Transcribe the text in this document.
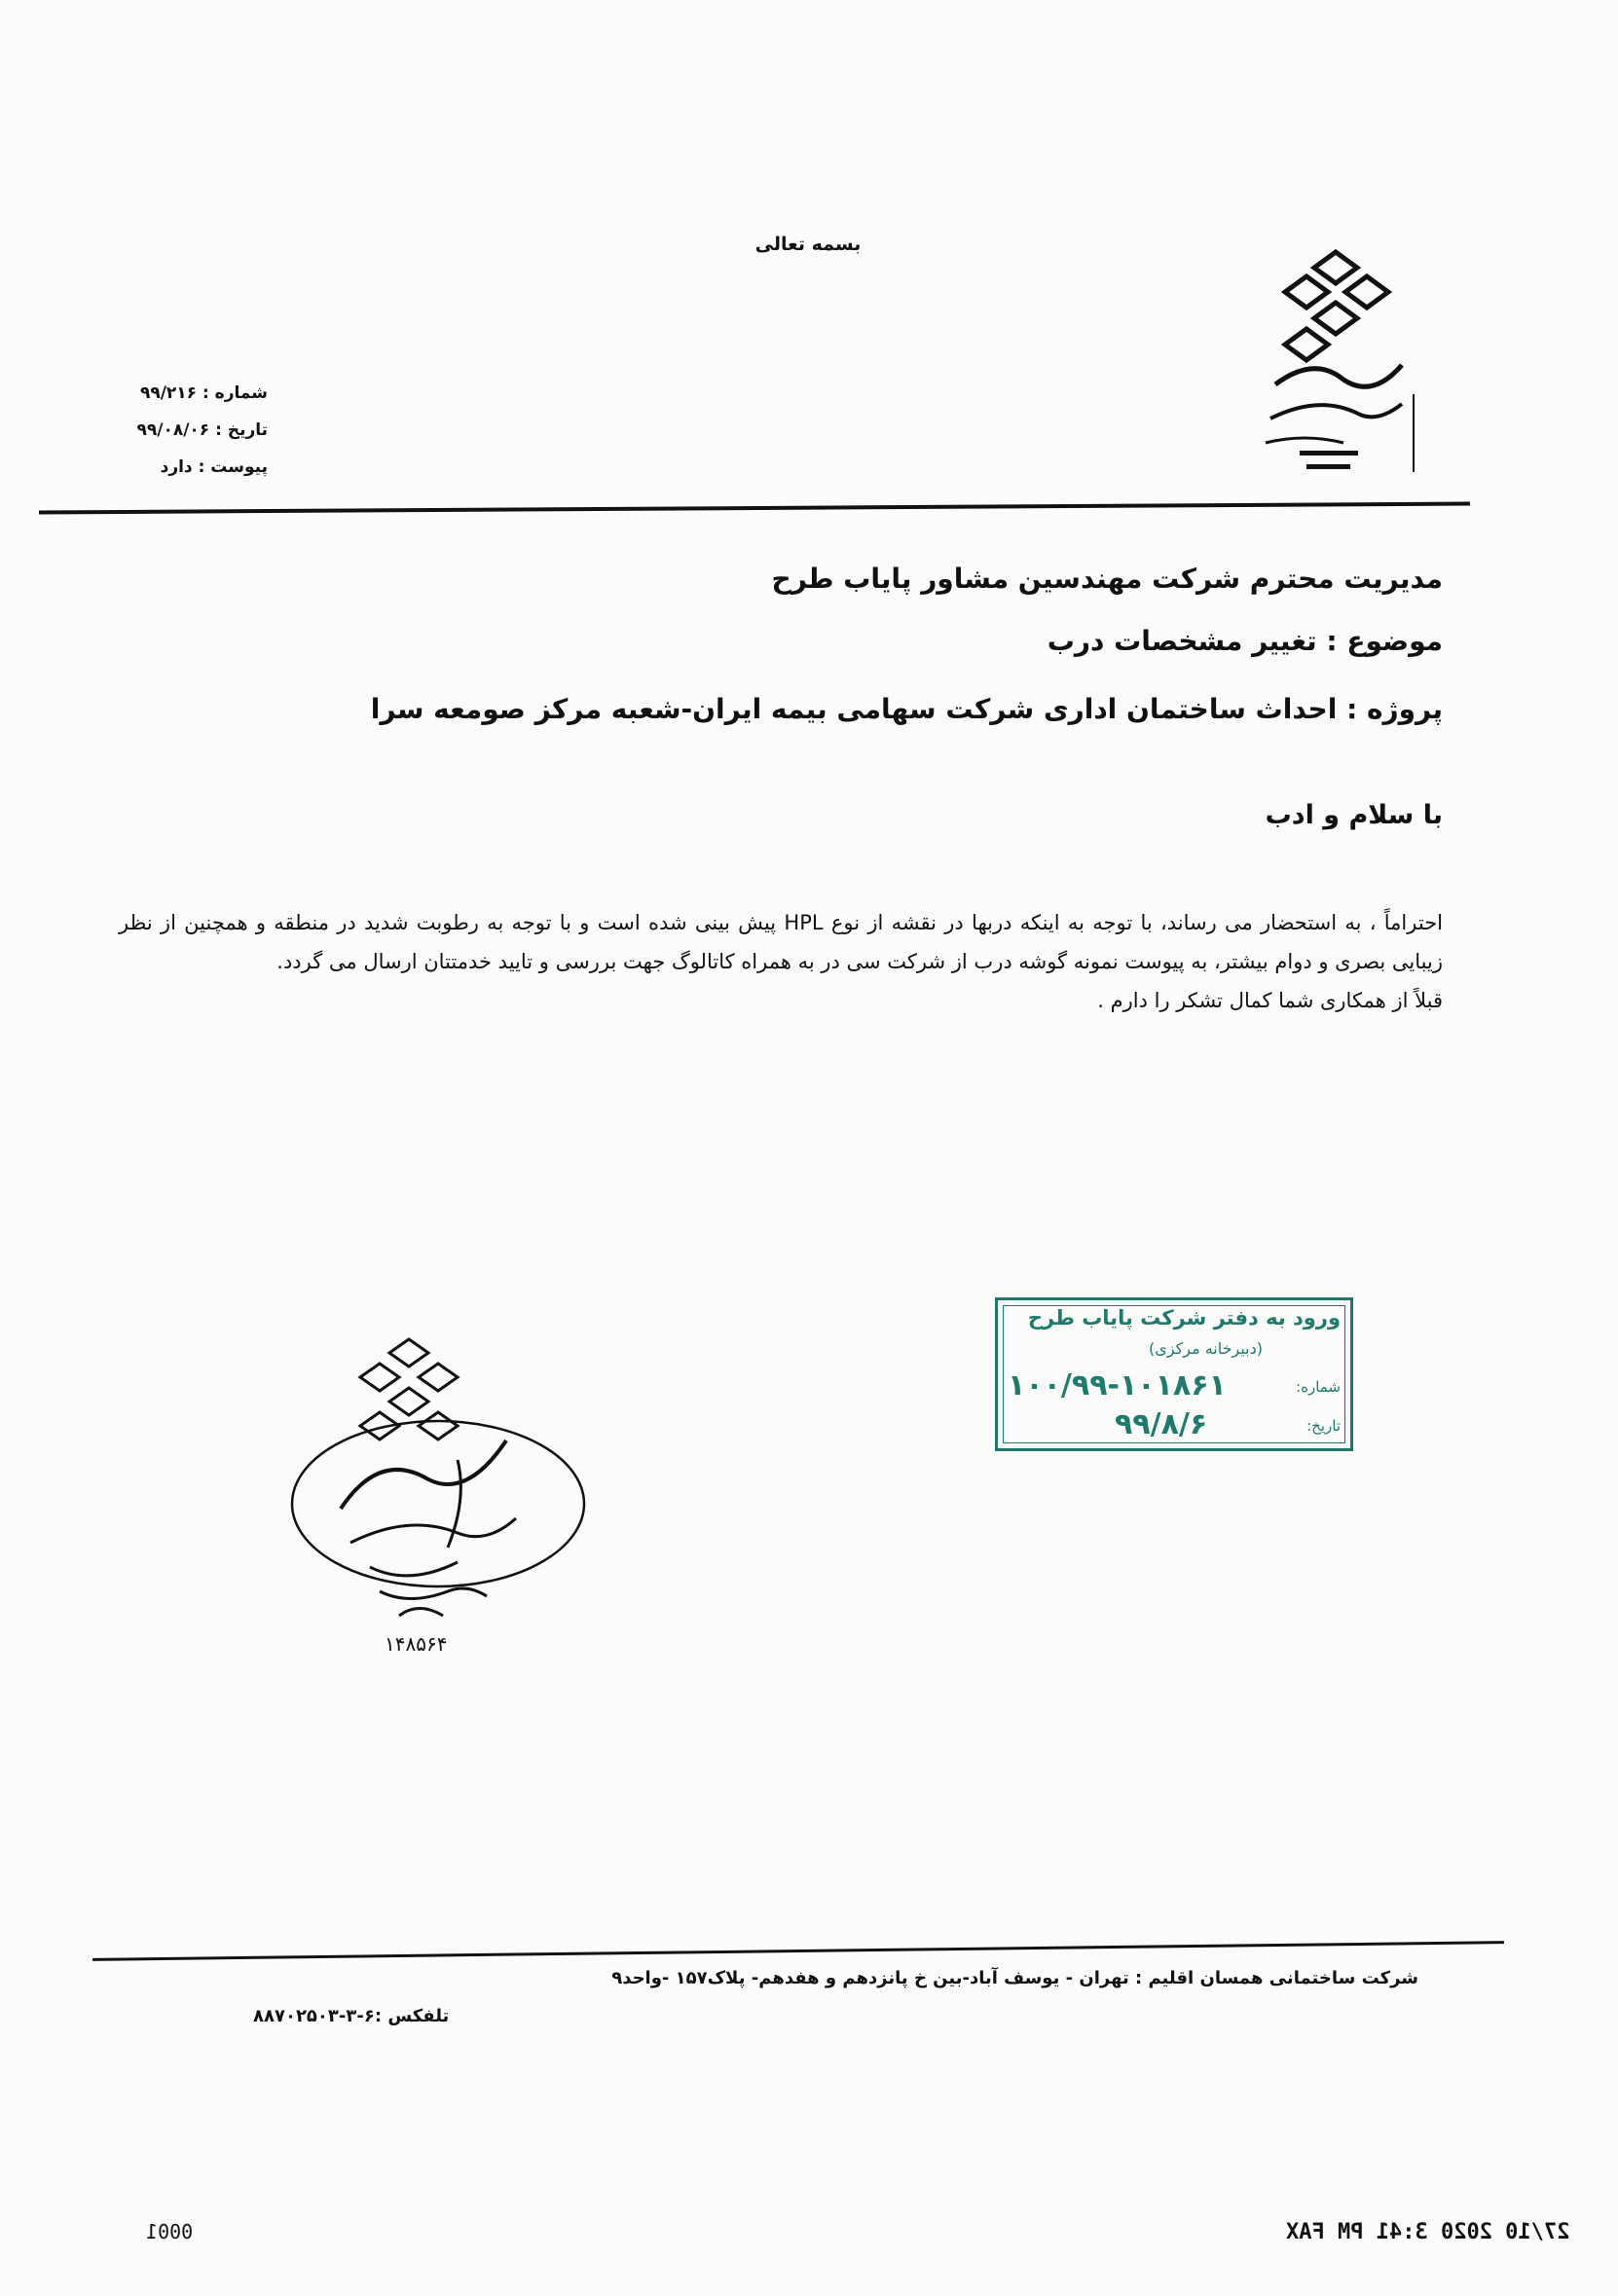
بسمه تعالی
شماره : ۹۹/۲۱۶
تاریخ : ۹۹/۰۸/۰۶
پیوست : دارد
مدیریت محترم شرکت مهندسین مشاور پایاب طرح
موضوع : تغییر مشخصات درب
پروژه : احداث ساختمان اداری شرکت سهامی بیمه ایران-شعبه مرکز صومعه سرا
با سلام و ادب

احتراماً ، به استحضار می رساند، با توجه به اینکه دربها در نقشه از نوع HPL پیش بینی شده است و با توجه به رطوبت شدید در منطقه و همچنین از نظر زیبایی بصری و دوام بیشتر، به پیوست نمونه گوشه درب از شرکت سی در به همراه کاتالوگ جهت بررسی و تایید خدمتتان ارسال می گردد.

قبلاً از همکاری شما کمال تشکر را دارم .

ورود به دفتر شرکت پایاب طرح
(دبیرخانه مرکزی)
شماره:
۱۰۰/۹۹-۱۰۱۸۶۱
تاریخ:
۹۹/۸/۶
۱۴۸۵۶۴
شرکت ساختمانی همسان اقلیم : تهران - یوسف آباد-بین خ پانزدهم و هفدهم- پلاک۱۵۷ -واحد۹
تلفکس :۶-۳-۸۸۷۰۲۵۰۳
0001	27/10 2020 3:41 PM FAX
